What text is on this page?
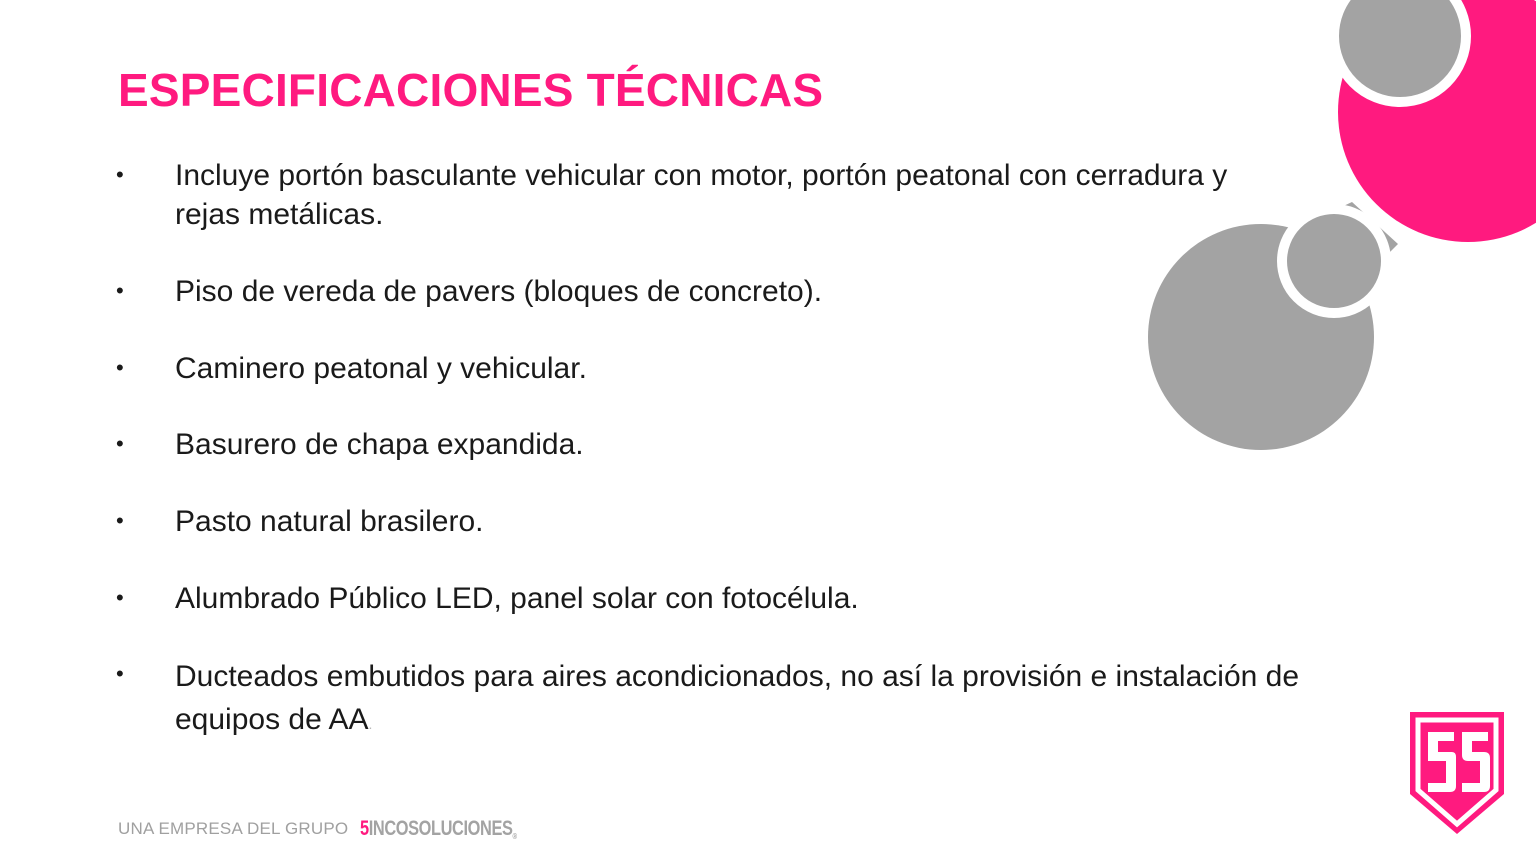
ESPECIFICACIONES TÉCNICAS
• Incluye portón basculante vehicular con motor, portón peatonal con cerradura y rejas metálicas.
• Piso de vereda de pavers (bloques de concreto).
• Caminero peatonal y vehicular.
• Basurero de chapa expandida.
• Pasto natural brasilero.
• Alumbrado Público LED, panel solar con fotocélula.
• Ducteados embutidos para aires acondicionados, no así la provisión e instalación de equipos de AA.
UNA EMPRESA DEL GRUPO 5INCOSOLUCIONES®
